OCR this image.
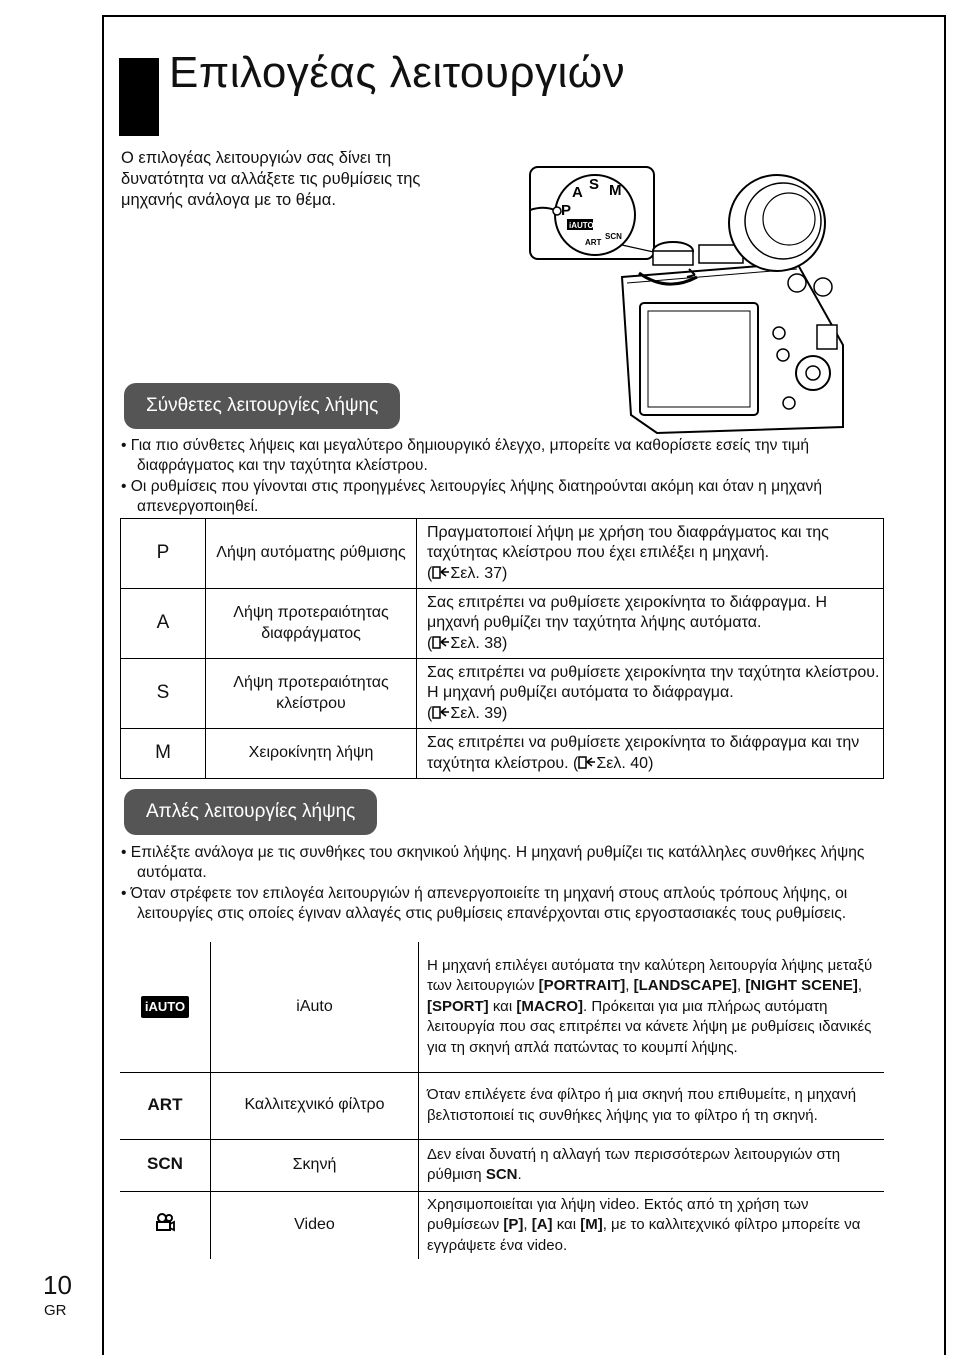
Επιλογέας λειτουργιών
Ο επιλογέας λειτουργιών σας δίνει τη δυνατότητα να αλλάξετε τις ρυθμίσεις της μηχανής ανάλογα με το θέμα.
P
A S M
iAUTO
ART
SCN
Σύνθετες λειτουργίες λήψης
• Για πιο σύνθετες λήψεις και μεγαλύτερο δημιουργικό έλεγχο, μπορείτε να καθορίσετε εσείς την τιμή διαφράγματος και την ταχύτητα κλείστρου.
• Οι ρυθμίσεις που γίνονται στις προηγμένες λειτουργίες λήψης διατηρούνται ακόμη και όταν η μηχανή απενεργοποιηθεί.
P	Λήψη αυτόματης ρύθμισης	Πραγματοποιεί λήψη με χρήση του διαφράγματος και της ταχύτητας κλείστρου που έχει επιλέξει η μηχανή.
( Σελ. 37)
A	Λήψη προτεραιότητας διαφράγματος	Σας επιτρέπει να ρυθμίσετε χειροκίνητα το διάφραγμα. Η μηχανή ρυθμίζει την ταχύτητα λήψης αυτόματα.
( Σελ. 38)
S	Λήψη προτεραιότητας κλείστρου	Σας επιτρέπει να ρυθμίσετε χειροκίνητα την ταχύτητα κλείστρου. Η μηχανή ρυθμίζει αυτόματα το διάφραγμα.
( Σελ. 39)
M	Χειροκίνητη λήψη	Σας επιτρέπει να ρυθμίσετε χειροκίνητα το διάφραγμα και την ταχύτητα κλείστρου. ( Σελ. 40)
Απλές λειτουργίες λήψης
• Επιλέξτε ανάλογα με τις συνθήκες του σκηνικού λήψης. Η μηχανή ρυθμίζει τις κατάλληλες συνθήκες λήψης αυτόματα.
• Όταν στρέφετε τον επιλογέα λειτουργιών ή απενεργοποιείτε τη μηχανή στους απλούς τρόπους λήψης, οι λειτουργίες στις οποίες έγιναν αλλαγές στις ρυθμίσεις επανέρχονται στις εργοστασιακές τους ρυθμίσεις.
iAUTO	iAuto	Η μηχανή επιλέγει αυτόματα την καλύτερη λειτουργία λήψης μεταξύ των λειτουργιών [PORTRAIT], [LANDSCAPE], [NIGHT SCENE], [SPORT] και [MACRO]. Πρόκειται για μια πλήρως αυτόματη λειτουργία που σας επιτρέπει να κάνετε λήψη με ρυθμίσεις ιδανικές για τη σκηνή απλά πατώντας το κουμπί λήψης.
ART	Καλλιτεχνικό φίλτρο	Όταν επιλέγετε ένα φίλτρο ή μια σκηνή που επιθυμείτε, η μηχανή βελτιστοποιεί τις συνθήκες λήψης για το φίλτρο ή τη σκηνή.
SCN	Σκηνή	Δεν είναι δυνατή η αλλαγή των περισσότερων λειτουργιών στη ρύθμιση SCN.
	Video	Χρησιμοποιείται για λήψη video. Εκτός από τη χρήση των ρυθμίσεων [P], [A] και [M], με το καλλιτεχνικό φίλτρο μπορείτε να εγγράψετε ένα video.
10
GR
